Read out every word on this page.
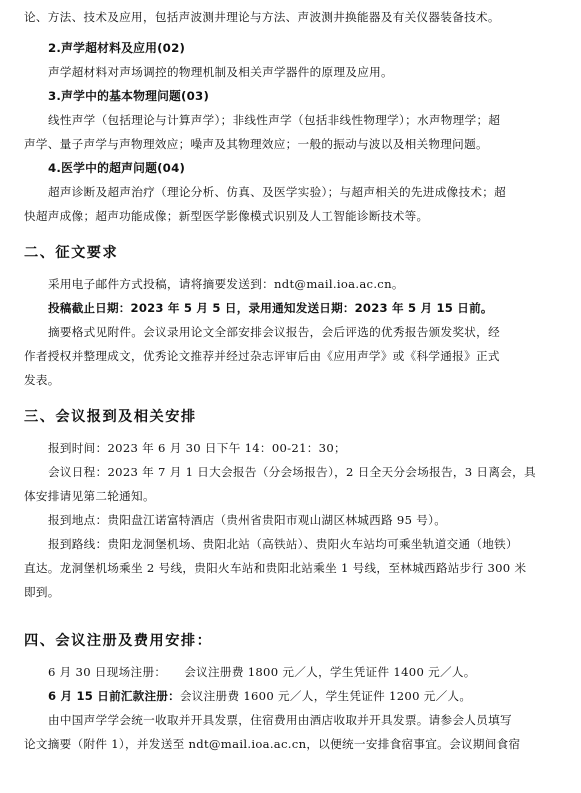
论、方法、技术及应用，包括声波测井理论与方法、声波测井换能器及有关仪器装备技术。
2.声学超材料及应用(02)
声学超材料对声场调控的物理机制及相关声学器件的原理及应用。
3.声学中的基本物理问题(03)
线性声学（包括理论与计算声学）；非线性声学（包括非线性物理学）；水声物理学；超
声学、量子声学与声物理效应；噪声及其物理效应；一般的振动与波以及相关物理问题。
4.医学中的超声问题(04)
超声诊断及超声治疗（理论分析、仿真、及医学实验）；与超声相关的先进成像技术；超
快超声成像；超声功能成像；新型医学影像模式识别及人工智能诊断技术等。
二、征文要求
采用电子邮件方式投稿，请将摘要发送到：ndt@mail.ioa.ac.cn。
投稿截止日期：2023 年 5 月 5 日，录用通知发送日期：2023 年 5 月 15 日前。
摘要格式见附件。会议录用论文全部安排会议报告，会后评选的优秀报告颁发奖状，经
作者授权并整理成文，优秀论文推荐并经过杂志评审后由《应用声学》或《科学通报》正式
发表。
三、会议报到及相关安排
报到时间：2023 年 6 月 30 日下午 14：00-21：30；
会议日程：2023 年 7 月 1 日大会报告（分会场报告），2 日全天分会场报告，3 日离会，具
体安排请见第二轮通知。
报到地点：贵阳盘江诺富特酒店（贵州省贵阳市观山湖区林城西路 95 号）。
报到路线：贵阳龙洞堡机场、贵阳北站（高铁站）、贵阳火车站均可乘坐轨道交通（地铁）
直达。龙洞堡机场乘坐 2 号线，贵阳火车站和贵阳北站乘坐 1 号线，至林城西路站步行 300 米
即到。
四、会议注册及费用安排：
6 月 30 日现场注册： 会议注册费 1800 元／人，学生凭证件 1400 元／人。
6 月 15 日前汇款注册：会议注册费 1600 元／人，学生凭证件 1200 元／人。
由中国声学学会统一收取并开具发票，住宿费用由酒店收取并开具发票。请参会人员填写
论文摘要（附件 1），并发送至 ndt@mail.ioa.ac.cn，以便统一安排食宿事宜。会议期间食宿
